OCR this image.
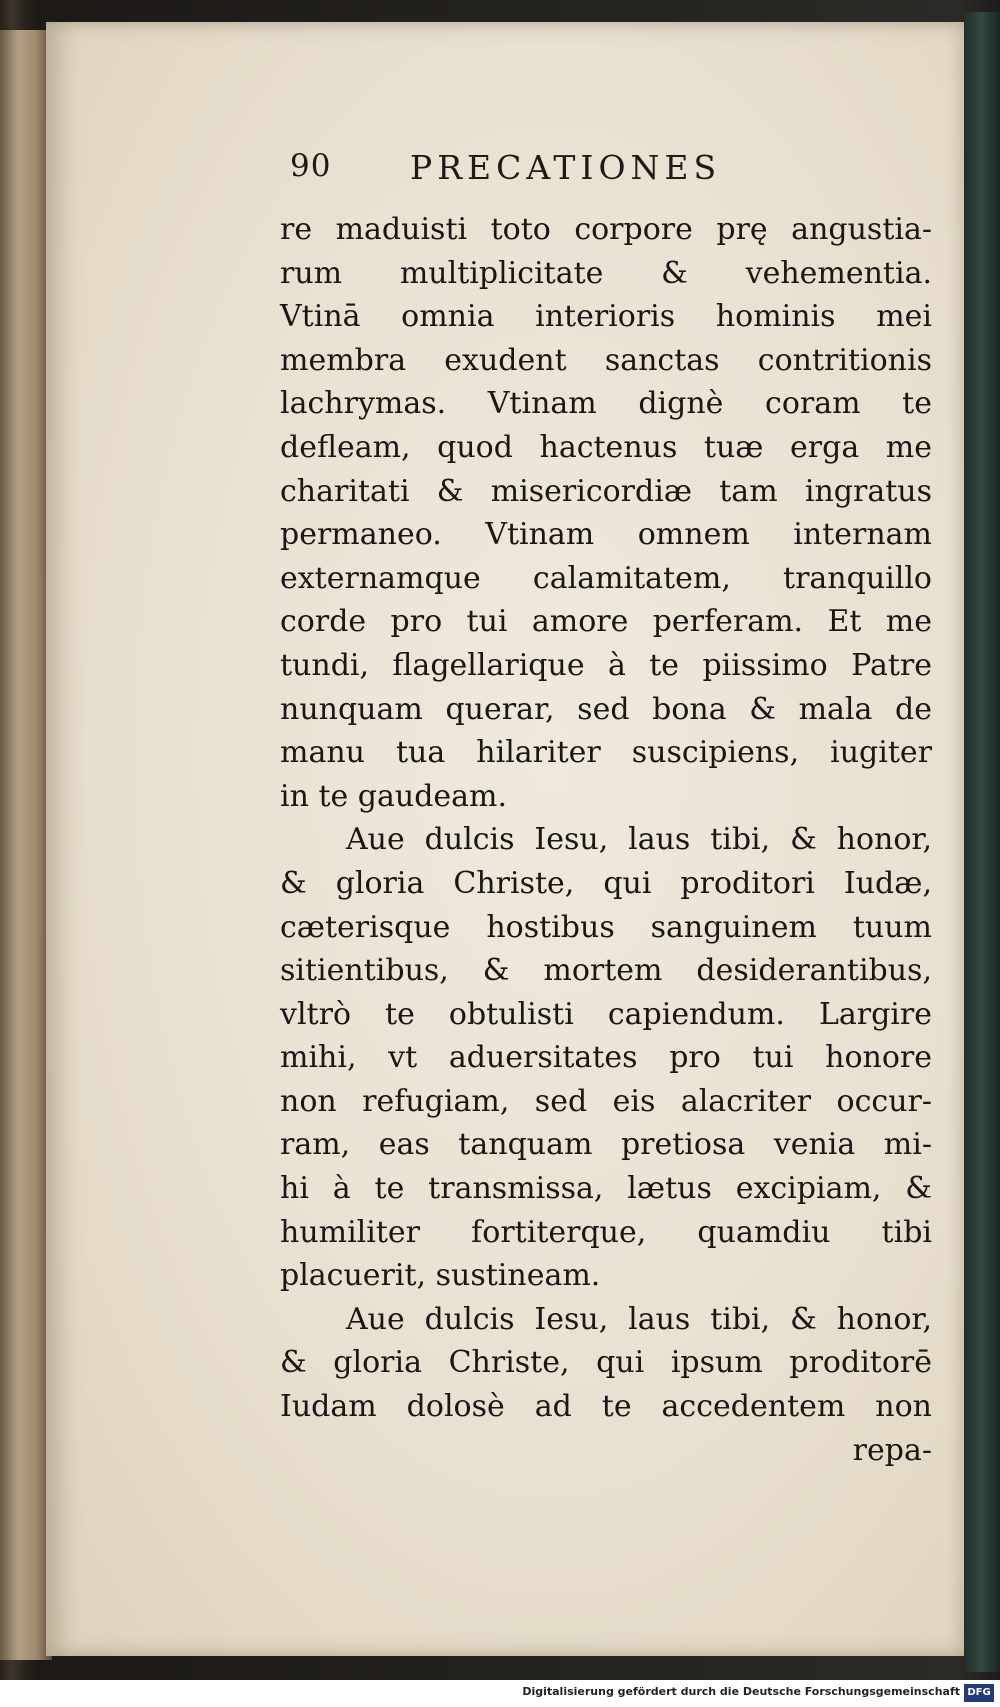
90 PRECATIONES
re maduisti toto corpore prę angustia-
rum multiplicitate & vehementia.
Vtinā omnia interioris hominis mei
membra exudent sanctas contritionis
lachrymas. Vtinam dignè coram te
defleam, quod hactenus tuæ erga me
charitati & misericordiæ tam ingratus
permaneo. Vtinam omnem internam
externamque calamitatem, tranquillo
corde pro tui amore perferam. Et me
tundi, flagellarique à te piissimo Patre
nunquam querar, sed bona & mala de
manu tua hilariter suscipiens, iugiter
in te gaudeam.
Aue dulcis Iesu, laus tibi, & honor,
& gloria Christe, qui proditori Iudæ,
cæterisque hostibus sanguinem tuum
sitientibus, & mortem desiderantibus,
vltrò te obtulisti capiendum. Largire
mihi, vt aduersitates pro tui honore
non refugiam, sed eis alacriter occur-
ram, eas tanquam pretiosa venia mi-
hi à te transmissa, lætus excipiam, &
humiliter fortiterque, quamdiu tibi
placuerit, sustineam.
Aue dulcis Iesu, laus tibi, & honor,
& gloria Christe, qui ipsum proditorē
Iudam dolosè ad te accedentem non
repa-
Digitalisierung gefördert durch die Deutsche Forschungsgemeinschaft DFG
